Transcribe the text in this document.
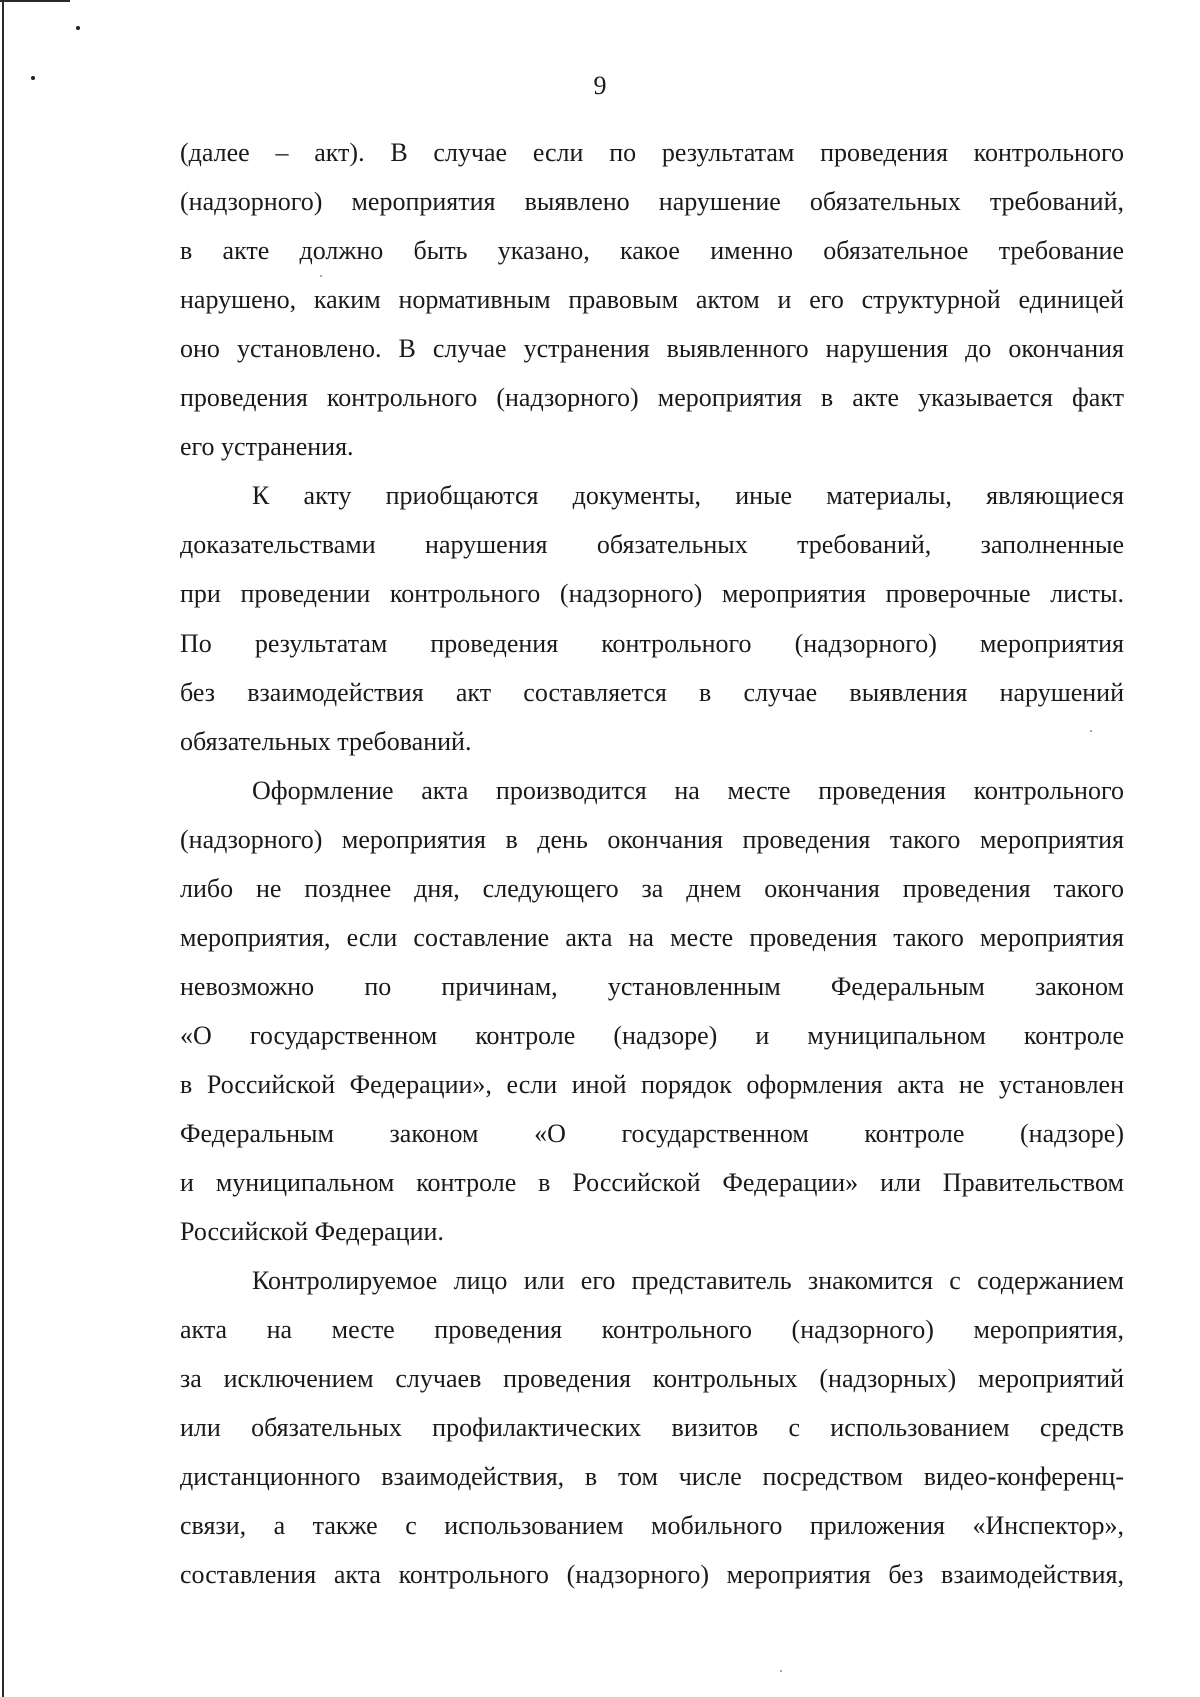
9
(далее – акт). В случае если по результатам проведения контрольного
(надзорного) мероприятия выявлено нарушение обязательных требований,
в акте должно быть указано, какое именно обязательное требование
нарушено, каким нормативным правовым актом и его структурной единицей
оно установлено. В случае устранения выявленного нарушения до окончания
проведения контрольного (надзорного) мероприятия в акте указывается факт
его устранения.
К акту приобщаются документы, иные материалы, являющиеся
доказательствами нарушения обязательных требований, заполненные
при проведении контрольного (надзорного) мероприятия проверочные листы.
По результатам проведения контрольного (надзорного) мероприятия
без взаимодействия акт составляется в случае выявления нарушений
обязательных требований.
Оформление акта производится на месте проведения контрольного
(надзорного) мероприятия в день окончания проведения такого мероприятия
либо не позднее дня, следующего за днем окончания проведения такого
мероприятия, если составление акта на месте проведения такого мероприятия
невозможно по причинам, установленным Федеральным законом
«О государственном контроле (надзоре) и муниципальном контроле
в Российской Федерации», если иной порядок оформления акта не установлен
Федеральным законом «О государственном контроле (надзоре)
и муниципальном контроле в Российской Федерации» или Правительством
Российской Федерации.
Контролируемое лицо или его представитель знакомится с содержанием
акта на месте проведения контрольного (надзорного) мероприятия,
за исключением случаев проведения контрольных (надзорных) мероприятий
или обязательных профилактических визитов с использованием средств
дистанционного взаимодействия, в том числе посредством видео-конференц-
связи, а также с использованием мобильного приложения «Инспектор»,
составления акта контрольного (надзорного) мероприятия без взаимодействия,
